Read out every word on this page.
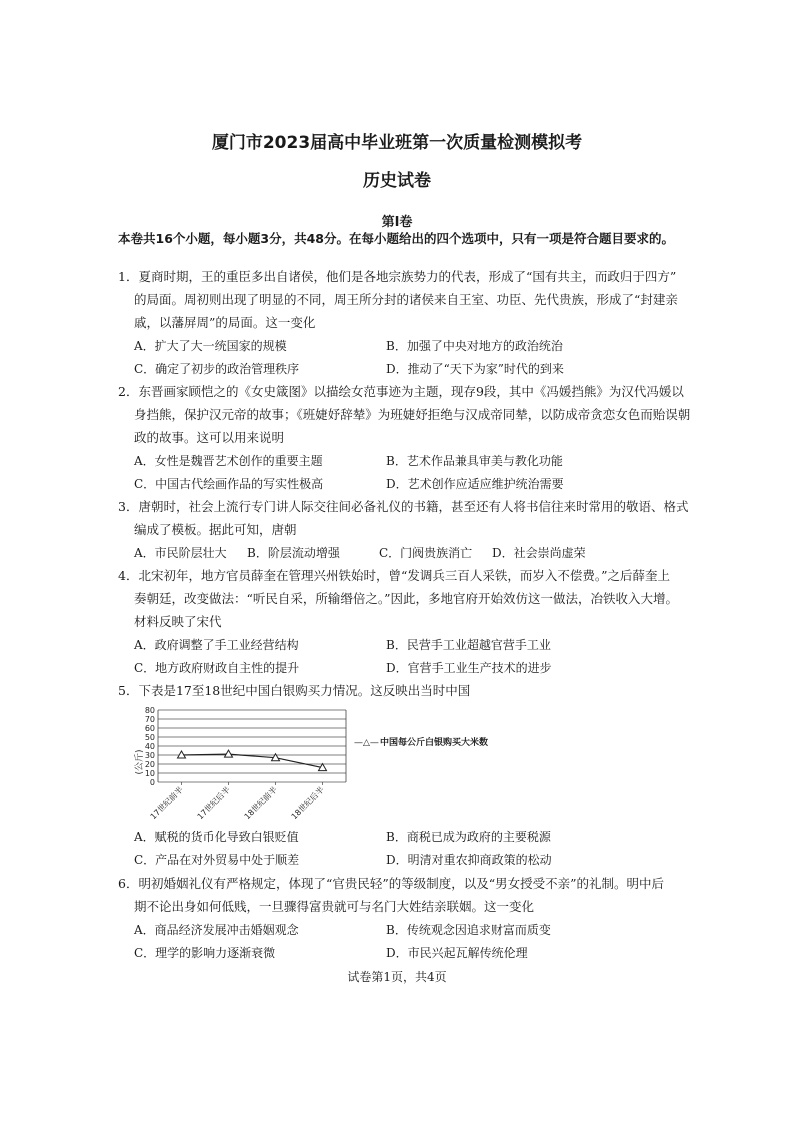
厦门市2023届高中毕业班第一次质量检测模拟考
历史试卷
第Ⅰ卷
本卷共16个小题，每小题3分，共48分。在每小题给出的四个选项中，只有一项是符合题目要求的。
1．夏商时期，王的重臣多出自诸侯，他们是各地宗族势力的代表，形成了“国有共主，而政归于四方”
的局面。周初则出现了明显的不同，周王所分封的诸侯来自王室、功臣、先代贵族，形成了“封建亲
戚，以藩屏周”的局面。这一变化
A．扩大了大一统国家的规模	B．加强了中央对地方的政治统治
C．确定了初步的政治管理秩序	D．推动了“天下为家”时代的到来
2．东晋画家顾恺之的《女史箴图》以描绘女范事迹为主题，现存9段，其中《冯媛挡熊》为汉代冯媛以
身挡熊，保护汉元帝的故事；《班婕妤辞辇》为班婕妤拒绝与汉成帝同辇，以防成帝贪恋女色而贻误朝
政的故事。这可以用来说明
A．女性是魏晋艺术创作的重要主题	B．艺术作品兼具审美与教化功能
C．中国古代绘画作品的写实性极高	D．艺术创作应适应维护统治需要
3．唐朝时，社会上流行专门讲人际交往间必备礼仪的书籍，甚至还有人将书信往来时常用的敬语、格式
编成了模板。据此可知，唐朝
A．市民阶层壮大 B．阶层流动增强	C．门阀贵族消亡 D．社会崇尚虚荣
4．北宋初年，地方官员薛奎在管理兴州铁始时，曾“发调兵三百人采铁，而岁入不偿费。”之后薛奎上
奏朝廷，改变做法：“听民自采，所输缗倍之。”因此，多地官府开始效仿这一做法，冶铁收入大增。
材料反映了宋代
A．政府调整了手工业经营结构	B．民营手工业超越官营手工业
C．地方政府财政自主性的提升	D．官营手工业生产技术的进步
5．下表是17至18世纪中国白银购买力情况。这反映出当时中国
0
10
20
30
40
50
60
70
80
17世纪前半 17世纪后半 18世纪前半 18世纪后半
(公斤)
—△— 中国每公斤白银购买大米数
A．赋税的货币化导致白银贬值	B．商税已成为政府的主要税源
C．产品在对外贸易中处于顺差	D．明清对重农抑商政策的松动
6．明初婚姻礼仪有严格规定，体现了“官贵民轻”的等级制度，以及“男女授受不亲”的礼制。明中后
期不论出身如何低贱，一旦骤得富贵就可与名门大姓结亲联姻。这一变化
A．商品经济发展冲击婚姻观念	B．传统观念因追求财富而质变
C．理学的影响力逐渐衰微	D．市民兴起瓦解传统伦理
试卷第1页，共4页
